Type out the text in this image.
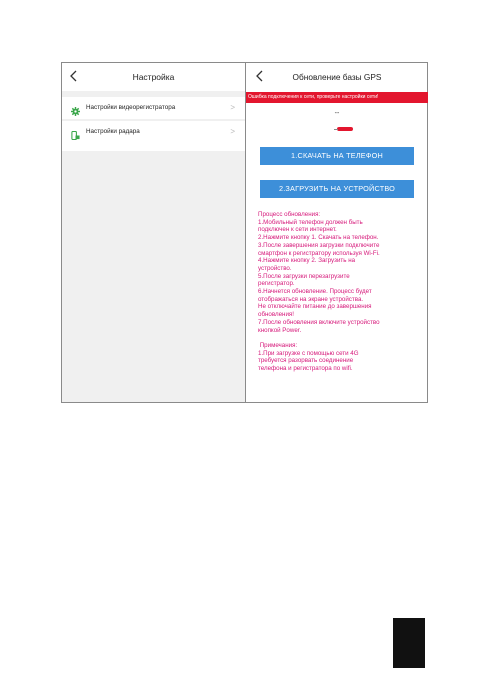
Настройка
Настройки видеорегистратора	>
Настройки радара	>
Обновление базы GPS
Ошибка подключения к сети, проверьте настройки сети!
--
1.СКАЧАТЬ НА ТЕЛЕФОН
2.ЗАГРУЗИТЬ НА УСТРОЙСТВО
Процесс обновления:
1.Мобильный телефон должен быть
подключен к сети интернет.
2.Нажмите кнопку 1. Скачать на телефон.
3.После завершения загрузки подключите
смартфон к регистратору используя Wi-Fi.
4.Нажмите кнопку 2. Загрузить на
устройство.
5.После загрузки перезагрузите
регистратор.
6.Начнется обновление. Процесс будет
отображаться на экране устройства.
Не отключайте питание до завершения
обновления!
7.После обновления включите устройство
кнопкой Power.
Примечания:
1.При загрузке с помощью сети 4G
требуется разорвать соединение
телефона и регистратора по wifi.
